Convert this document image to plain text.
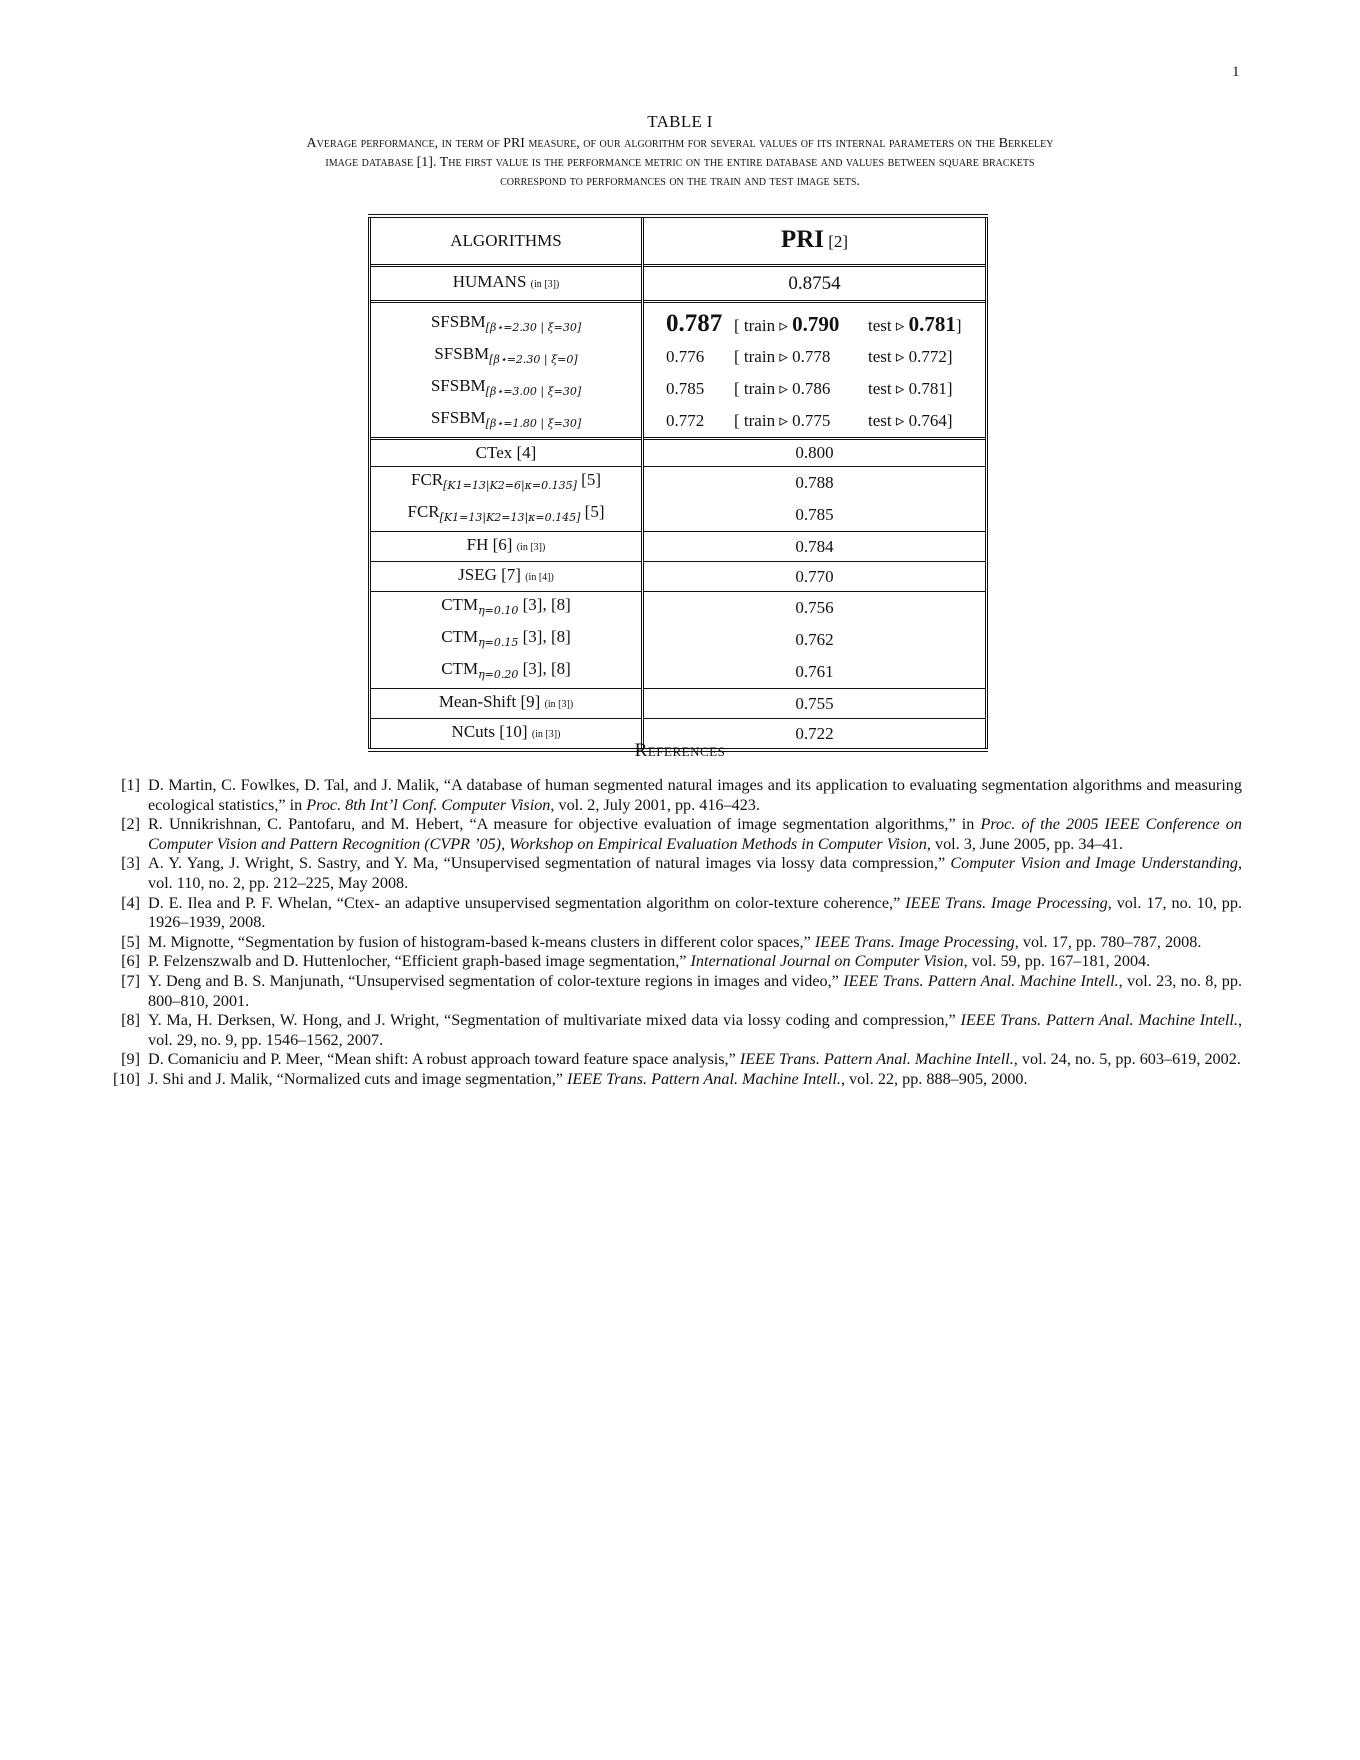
1
TABLE I
Average performance, in term of PRI measure, of our algorithm for several values of its internal parameters on the Berkeley
image database [1]. The first value is the performance metric on the entire database and values between square brackets
correspond to performances on the train and test image sets.
ALGORITHMS	PRI [2]
HUMANS (in [3])	0.8754
$SFSBM_{[\beta⋆=2.30 | \xi=30]}$	0.787 [ train ▹ 0.790 test ▹ 0.781]

$SFSBM_{[\beta⋆=2.30 | \xi=0]}$	0.776 [ train ▹ 0.778 test ▹ 0.772]

$SFSBM_{[\beta⋆=3.00 | \xi=30]}$	0.785 [ train ▹ 0.786 test ▹ 0.781]

$SFSBM_{[\beta⋆=1.80 | \xi=30]}$	0.772 [ train ▹ 0.775 test ▹ 0.764]

CTex [4]	0.800
$FCR_{[K1=13|K2=6|\kappa=0.135]}$ [5]	0.788
$FCR_{[K1=13|K2=13|\kappa=0.145]}$ [5]	0.785
FH [6] (in [3])	0.784
JSEG [7] (in [4])	0.770
$CTM_{\eta=0.10}$ [3], [8]	0.756
$CTM_{\eta=0.15}$ [3], [8]	0.762
$CTM_{\eta=0.20}$ [3], [8]	0.761
Mean-Shift [9] (in [3])	0.755
NCuts [10] (in [3])	0.722
References
[1] D. Martin, C. Fowlkes, D. Tal, and J. Malik, “A database of human segmented natural images and its application to evaluating segmentation algorithms and measuring ecological statistics,” in Proc. 8th Int’l Conf. Computer Vision, vol. 2, July 2001, pp. 416–423.
[2] R. Unnikrishnan, C. Pantofaru, and M. Hebert, “A measure for objective evaluation of image segmentation algorithms,” in Proc. of the 2005 IEEE Conference on Computer Vision and Pattern Recognition (CVPR ’05), Workshop on Empirical Evaluation Methods in Computer Vision, vol. 3, June 2005, pp. 34–41.
[3] A. Y. Yang, J. Wright, S. Sastry, and Y. Ma, “Unsupervised segmentation of natural images via lossy data compression,” Computer Vision and Image Understanding, vol. 110, no. 2, pp. 212–225, May 2008.
[4] D. E. Ilea and P. F. Whelan, “Ctex- an adaptive unsupervised segmentation algorithm on color-texture coherence,” IEEE Trans. Image Processing, vol. 17, no. 10, pp. 1926–1939, 2008.
[5] M. Mignotte, “Segmentation by fusion of histogram-based k-means clusters in different color spaces,” IEEE Trans. Image Processing, vol. 17, pp. 780–787, 2008.
[6] P. Felzenszwalb and D. Huttenlocher, “Efficient graph-based image segmentation,” International Journal on Computer Vision, vol. 59, pp. 167–181, 2004.
[7] Y. Deng and B. S. Manjunath, “Unsupervised segmentation of color-texture regions in images and video,” IEEE Trans. Pattern Anal. Machine Intell., vol. 23, no. 8, pp. 800–810, 2001.
[8] Y. Ma, H. Derksen, W. Hong, and J. Wright, “Segmentation of multivariate mixed data via lossy coding and compression,” IEEE Trans. Pattern Anal. Machine Intell., vol. 29, no. 9, pp. 1546–1562, 2007.
[9] D. Comaniciu and P. Meer, “Mean shift: A robust approach toward feature space analysis,” IEEE Trans. Pattern Anal. Machine Intell., vol. 24, no. 5, pp. 603–619, 2002.
[10] J. Shi and J. Malik, “Normalized cuts and image segmentation,” IEEE Trans. Pattern Anal. Machine Intell., vol. 22, pp. 888–905, 2000.
